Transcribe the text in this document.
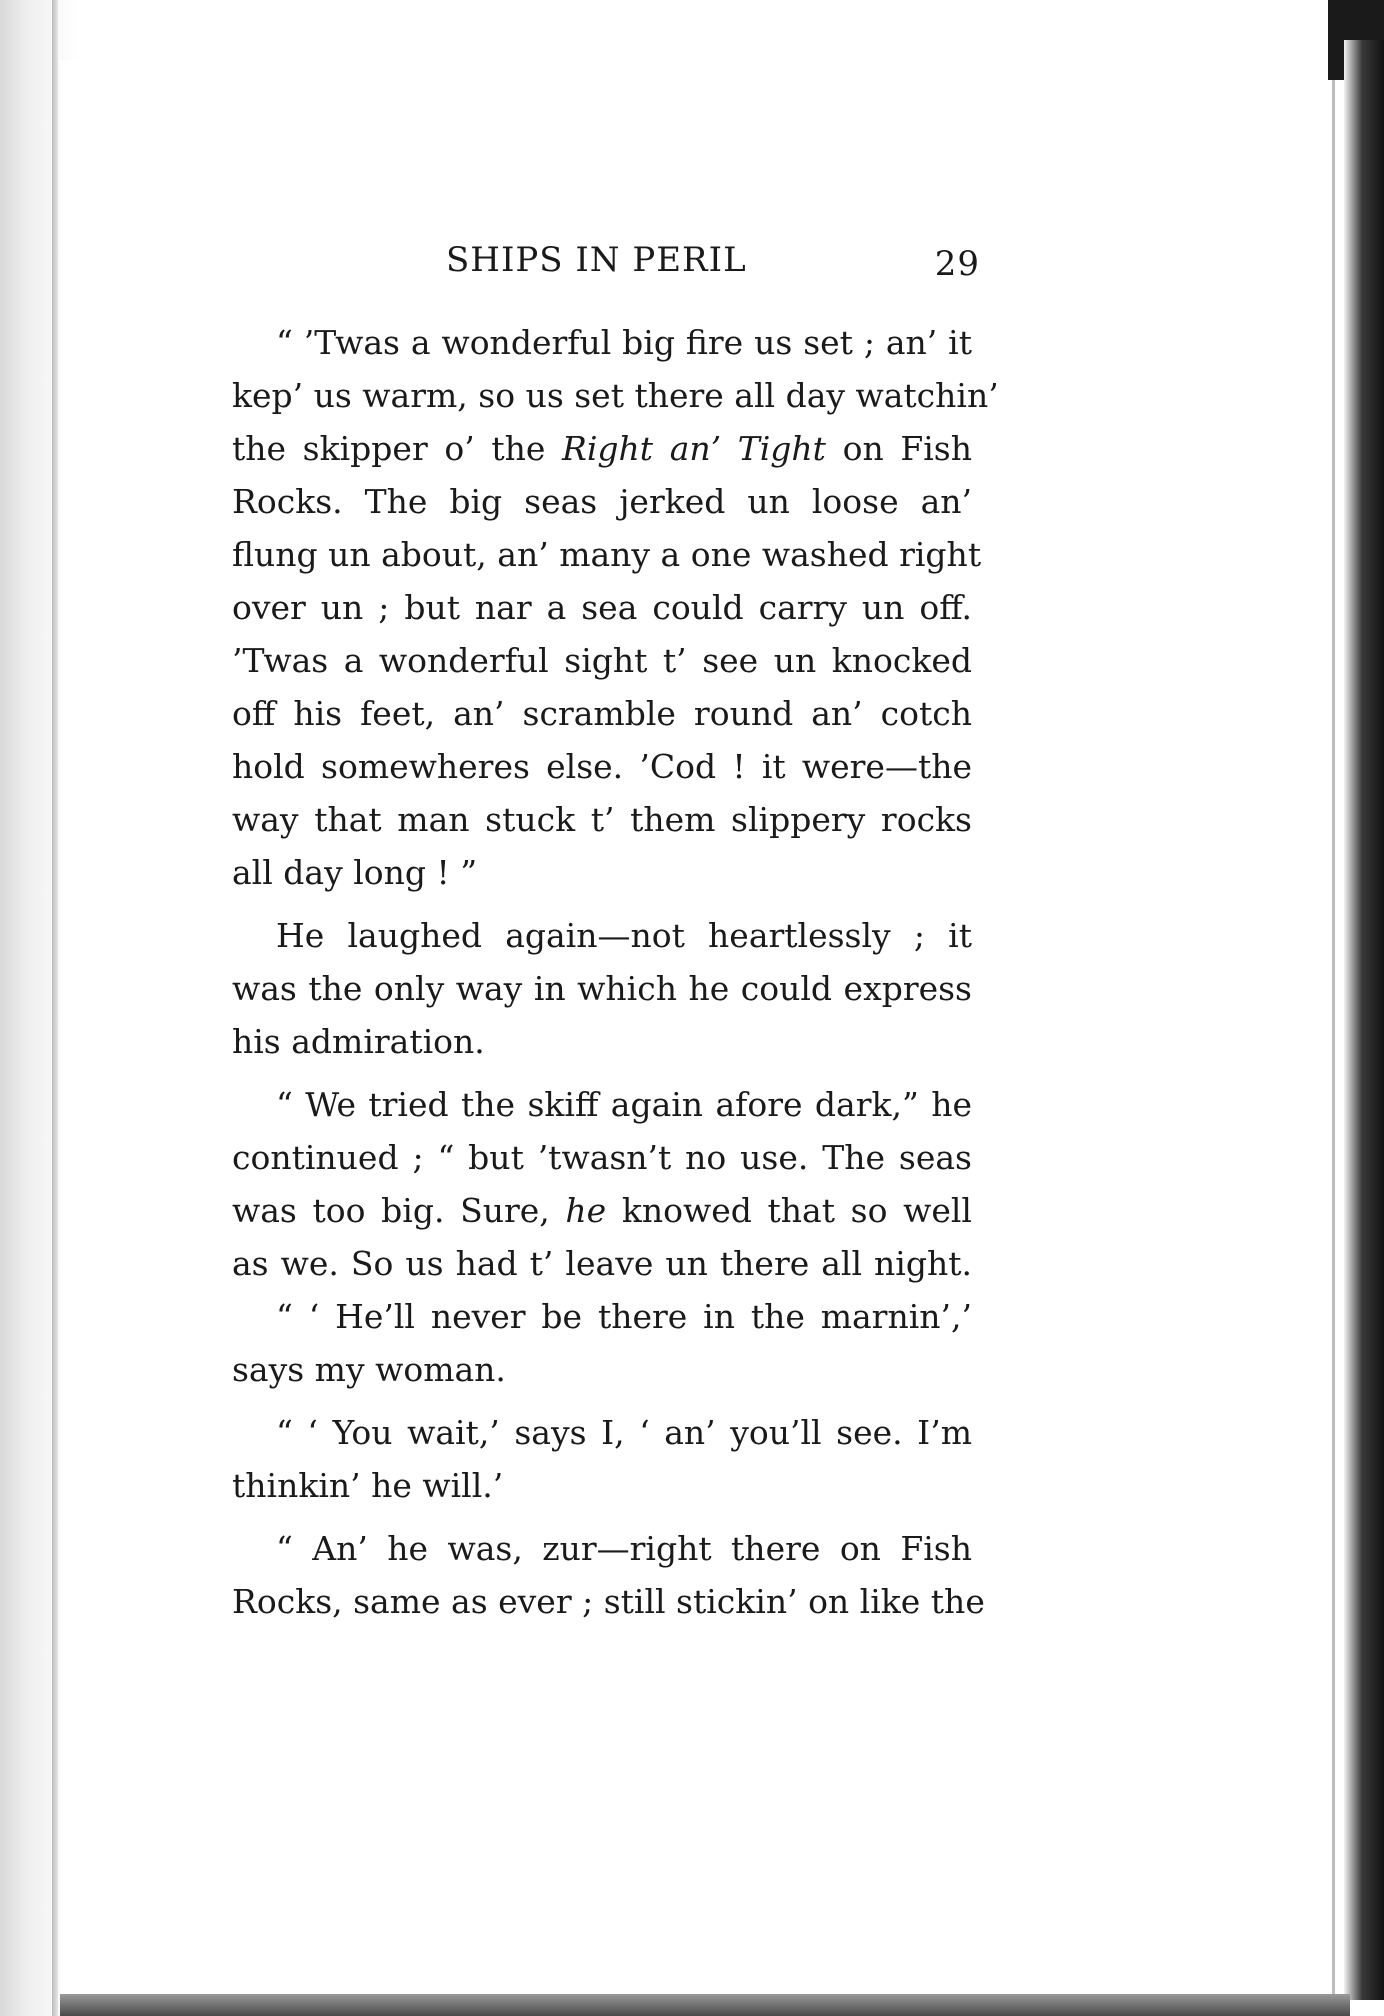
SHIPS IN PERIL	29
“ ’Twas a wonderful big fire us set ; an’ it
kep’ us warm, so us set there all day watchin’
the skipper o’ the Right an’ Tight on Fish
Rocks. The big seas jerked un loose an’
flung un about, an’ many a one washed right
over un ; but nar a sea could carry un off.
’Twas a wonderful sight t’ see un knocked
off his feet, an’ scramble round an’ cotch
hold somewheres else. ’Cod ! it were—the
way that man stuck t’ them slippery rocks
all day long ! ”
He laughed again—not heartlessly ; it
was the only way in which he could express
his admiration.
“ We tried the skiff again afore dark,” he
continued ; “ but ’twasn’t no use. The seas
was too big. Sure, he knowed that so well
as we. So us had t’ leave un there all night.
“ ‘ He’ll never be there in the marnin’,’
says my woman.
“ ‘ You wait,’ says I, ‘ an’ you’ll see. I’m
thinkin’ he will.’
“ An’ he was, zur—right there on Fish
Rocks, same as ever ; still stickin’ on like the
